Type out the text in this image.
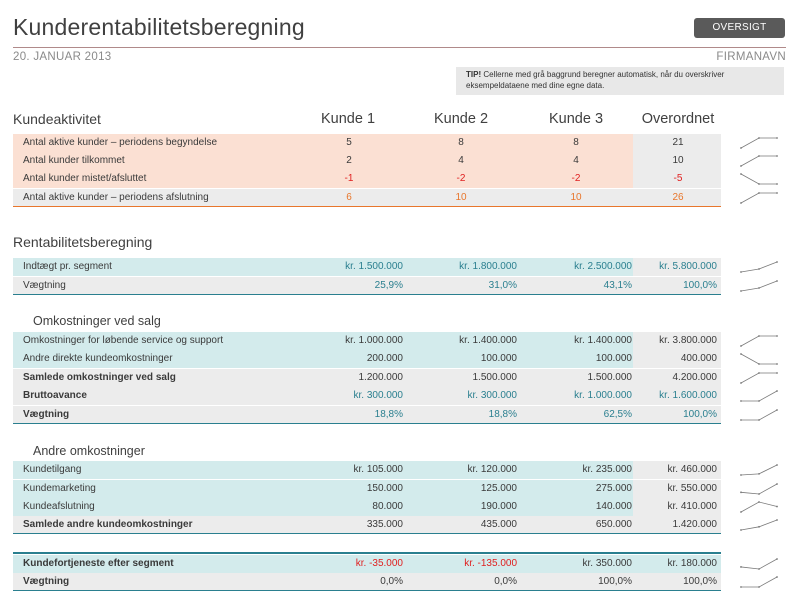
Kunderentabilitetsberegning	OVERSIGT
20. JANUAR 2013	FIRMANAVN
TIP! Cellerne med grå baggrund beregner automatisk, når du overskriver eksempeldataene med dine egne data.
Kundeaktivitet	Kunde 1	Kunde 2	Kunde 3	Overordnet
Antal aktive kunder – periodens begyndelse	5	8	8	21
Antal kunder tilkommet	2	4	4	10
Antal kunder mistet/afsluttet	-1	-2	-2	-5
Antal aktive kunder – periodens afslutning	6	10	10	26
Rentabilitetsberegning
Indtægt pr. segment	kr. 1.500.000	kr. 1.800.000	kr. 2.500.000	kr. 5.800.000
Vægtning	25,9%	31,0%	43,1%	100,0%
Omkostninger ved salg
Omkostninger for løbende service og support	kr. 1.000.000	kr. 1.400.000	kr. 1.400.000	kr. 3.800.000
Andre direkte kundeomkostninger	200.000	100.000	100.000	400.000
Samlede omkostninger ved salg	1.200.000	1.500.000	1.500.000	4.200.000
Bruttoavance	kr. 300.000	kr. 300.000	kr. 1.000.000	kr. 1.600.000
Vægtning	18,8%	18,8%	62,5%	100,0%
Andre omkostninger
Kundetilgang	kr. 105.000	kr. 120.000	kr. 235.000	kr. 460.000
Kundemarketing	150.000	125.000	275.000	kr. 550.000
Kundeafslutning	80.000	190.000	140.000	kr. 410.000
Samlede andre kundeomkostninger	335.000	435.000	650.000	1.420.000
Kundefortjeneste efter segment	kr. -35.000	kr. -135.000	kr. 350.000	kr. 180.000
Vægtning	0,0%	0,0%	100,0%	100,0%
